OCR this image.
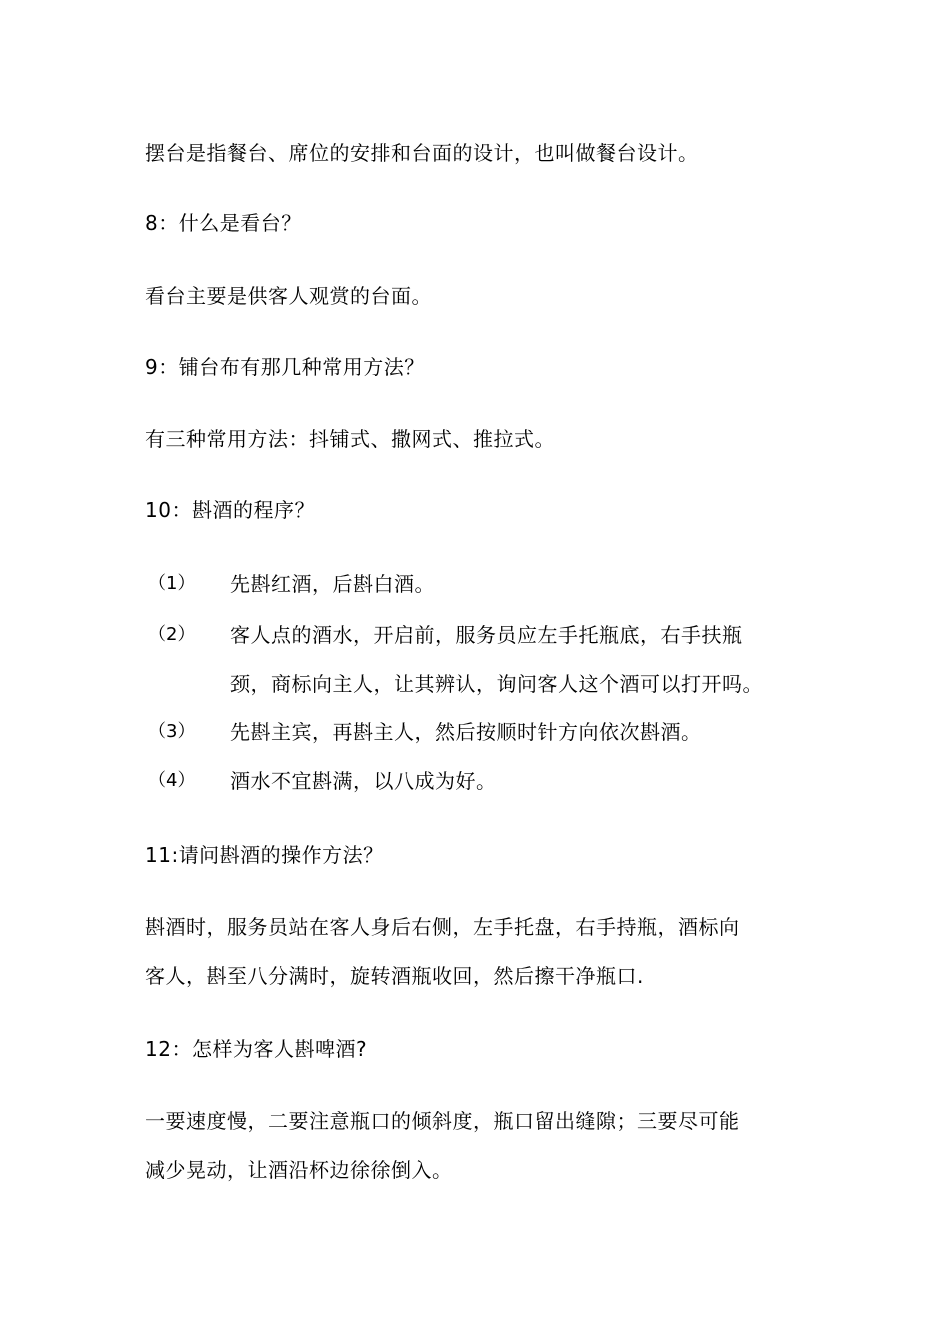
摆台是指餐台、席位的安排和台面的设计，也叫做餐台设计。
8：什么是看台？
看台主要是供客人观赏的台面。
9：铺台布有那几种常用方法？
有三种常用方法：抖铺式、撒网式、推拉式。
10：斟酒的程序？
（1） 先斟红酒，后斟白酒。
（2） 客人点的酒水，开启前，服务员应左手托瓶底，右手扶瓶
颈，商标向主人，让其辨认，询问客人这个酒可以打开吗。
（3） 先斟主宾，再斟主人，然后按顺时针方向依次斟酒。
（4） 酒水不宜斟满，以八成为好。
11:请问斟酒的操作方法？
斟酒时，服务员站在客人身后右侧，左手托盘，右手持瓶，酒标向
客人，斟至八分满时，旋转酒瓶收回，然后擦干净瓶口.
12：怎样为客人斟啤酒?
一要速度慢，二要注意瓶口的倾斜度，瓶口留出缝隙；三要尽可能
减少晃动，让酒沿杯边徐徐倒入。
